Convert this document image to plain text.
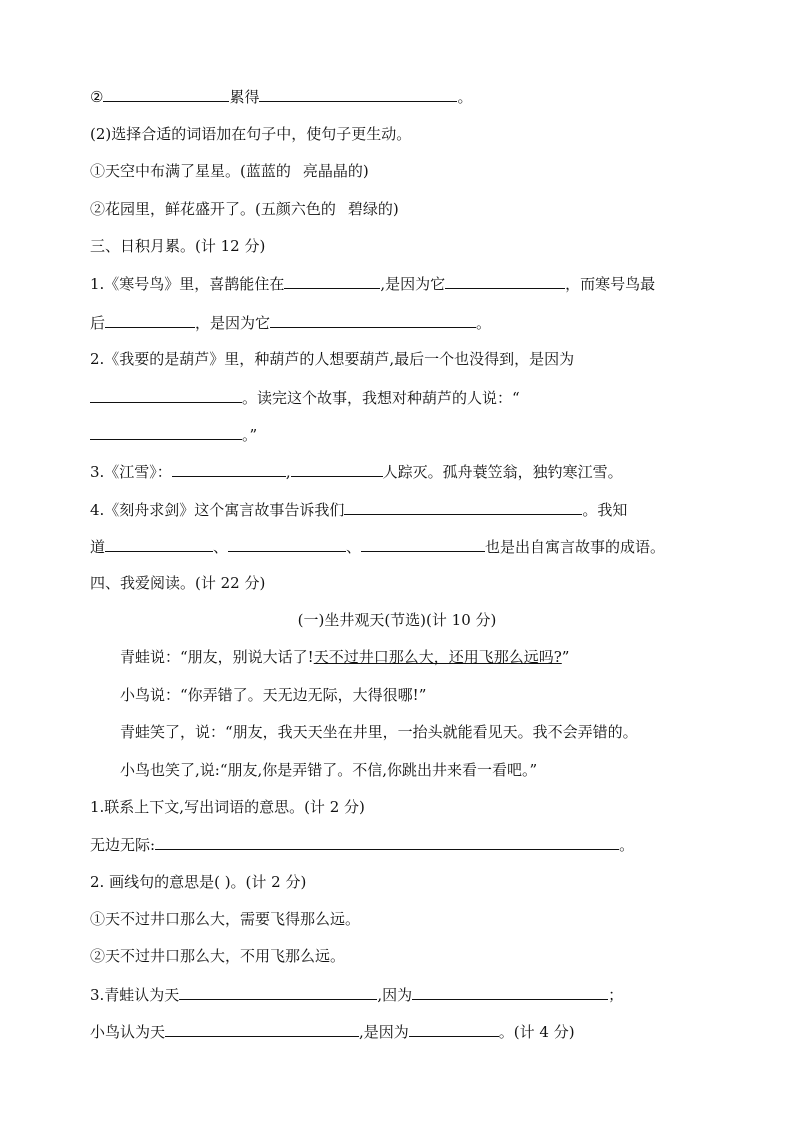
②	累得	。
(2)选择合适的词语加在句子中，使句子更生动。
①天空中布满了星星。(蓝蓝的 亮晶晶的)
②花园里，鲜花盛开了。(五颜六色的 碧绿的)
三、日积月累。(计 12 分)
1.《寒号鸟》里，喜鹊能住在	,是因为它	，而寒号鸟最
后	，是因为它	。
2.《我要的是葫芦》里，种葫芦的人想要葫芦,最后一个也没得到，是因为
。读完这个故事，我想对种葫芦的人说：“
。”
3.《江雪》：	,	人踪灭。孤舟蓑笠翁，独钓寒江雪。
4.《刻舟求剑》这个寓言故事告诉我们	。我知
道	、	、	也是出自寓言故事的成语。
四、我爱阅读。(计 22 分)
(一)坐井观天(节选)(计 10 分)
青蛙说：“朋友，别说大话了!天不过井口那么大，还用飞那么远吗?”
小鸟说：“你弄错了。天无边无际，大得很哪!”
青蛙笑了，说：“朋友，我天天坐在井里，一抬头就能看见天。我不会弄错的。
小鸟也笑了,说:“朋友,你是弄错了。不信,你跳出井来看一看吧。”
1.联系上下文,写出词语的意思。(计 2 分)
无边无际:	。
2. 画线句的意思是( )。(计 2 分)
①天不过井口那么大，需要飞得那么远。
②天不过井口那么大，不用飞那么远。
3.青蛙认为天	,因为	；
小鸟认为天	,是因为	。(计 4 分)
